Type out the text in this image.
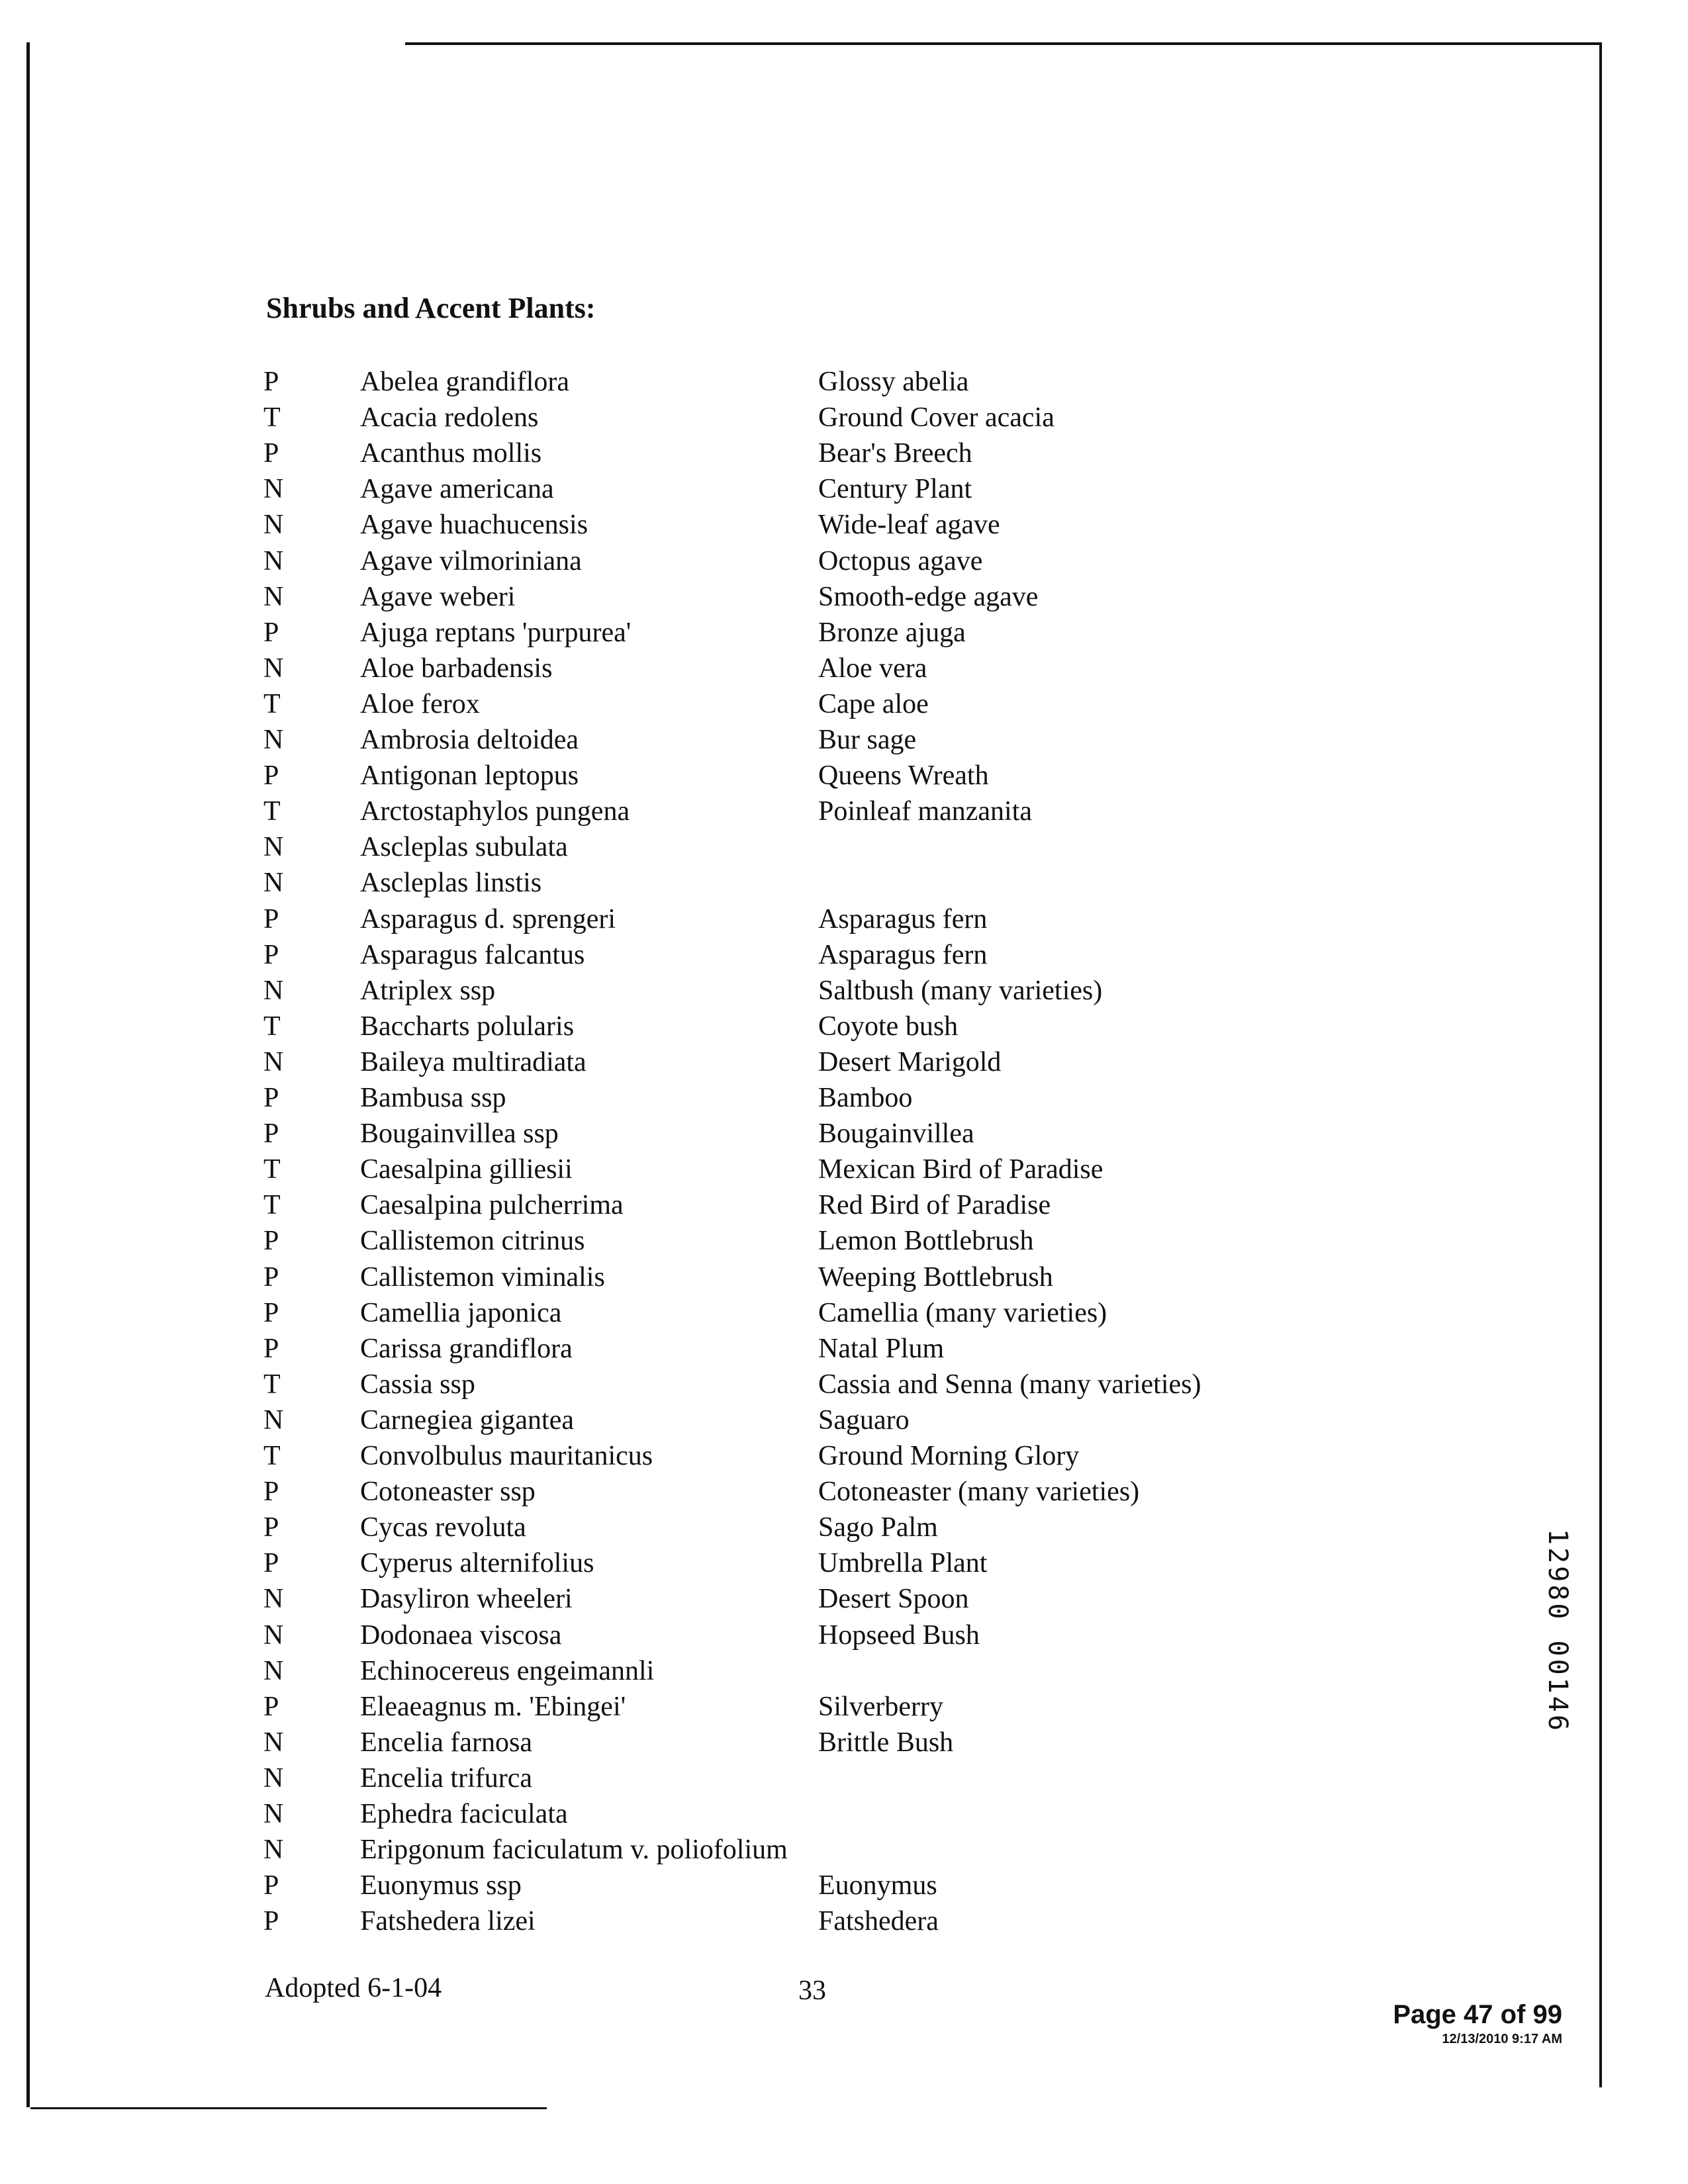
Shrubs and Accent Plants:
P	Abelea grandiflora	Glossy abelia
T	Acacia redolens	Ground Cover acacia
P	Acanthus mollis	Bear's Breech
N	Agave americana	Century Plant
N	Agave huachucensis	Wide-leaf agave
N	Agave vilmoriniana	Octopus agave
N	Agave weberi	Smooth-edge agave
P	Ajuga reptans 'purpurea'	Bronze ajuga
N	Aloe barbadensis	Aloe vera
T	Aloe ferox	Cape aloe
N	Ambrosia deltoidea	Bur sage
P	Antigonan leptopus	Queens Wreath
T	Arctostaphylos pungena	Poinleaf manzanita
N	Ascleplas subulata
N	Ascleplas linstis
P	Asparagus d. sprengeri	Asparagus fern
P	Asparagus falcantus	Asparagus fern
N	Atriplex ssp	Saltbush (many varieties)
T	Baccharts polularis	Coyote bush
N	Baileya multiradiata	Desert Marigold
P	Bambusa ssp	Bamboo
P	Bougainvillea ssp	Bougainvillea
T	Caesalpina gilliesii	Mexican Bird of Paradise
T	Caesalpina pulcherrima	Red Bird of Paradise
P	Callistemon citrinus	Lemon Bottlebrush
P	Callistemon viminalis	Weeping Bottlebrush
P	Camellia japonica	Camellia (many varieties)
P	Carissa grandiflora	Natal Plum
T	Cassia ssp	Cassia and Senna (many varieties)
N	Carnegiea gigantea	Saguaro
T	Convolbulus mauritanicus	Ground Morning Glory
P	Cotoneaster ssp	Cotoneaster (many varieties)
P	Cycas revoluta	Sago Palm
P	Cyperus alternifolius	Umbrella Plant
N	Dasyliron wheeleri	Desert Spoon
N	Dodonaea viscosa	Hopseed Bush
N	Echinocereus engeimannli
P	Eleaeagnus m. 'Ebingei'	Silverberry
N	Encelia farnosa	Brittle Bush
N	Encelia trifurca
N	Ephedra faciculata
N	Eripgonum faciculatum v. poliofolium
P	Euonymus ssp	Euonymus
P	Fatshedera lizei	Fatshedera
Adopted 6-1-04	33
Page 47 of 99
12/13/2010 9:17 AM
12980 00146
